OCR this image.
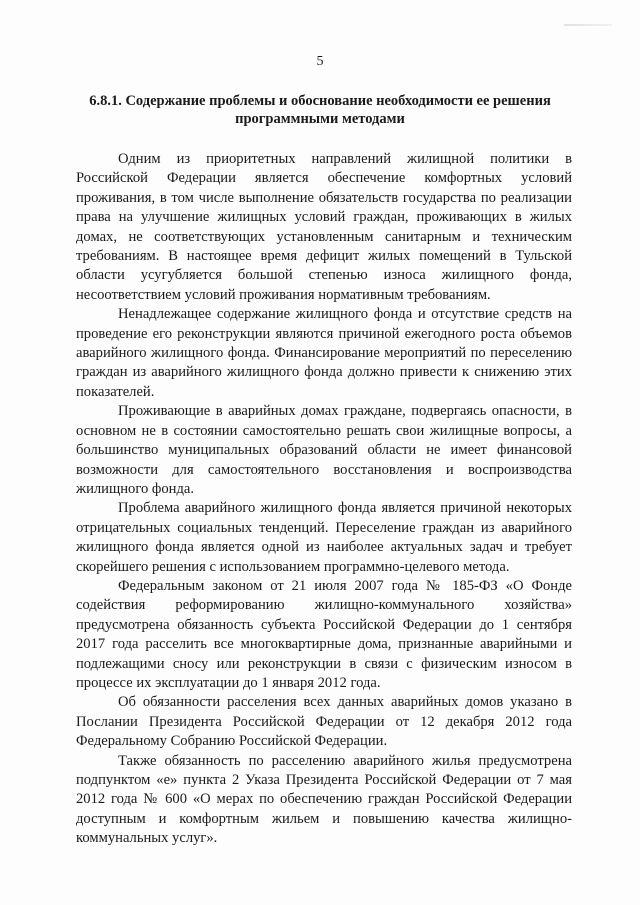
5
6.8.1. Содержание проблемы и обоснование необходимости ее решения программными методами

Одним из приоритетных направлений жилищной политики в Российской Федерации является обеспечение комфортных условий проживания, в том числе выполнение обязательств государства по реализации права на улучшение жилищных условий граждан, проживающих в жилых домах, не соответствующих установленным санитарным и техническим требованиям. В настоящее время дефицит жилых помещений в Тульской области усугубляется большой степенью износа жилищного фонда, несоответствием условий проживания нормативным требованиям.

Ненадлежащее содержание жилищного фонда и отсутствие средств на проведение его реконструкции являются причиной ежегодного роста объемов аварийного жилищного фонда. Финансирование мероприятий по переселению граждан из аварийного жилищного фонда должно привести к снижению этих показателей.

Проживающие в аварийных домах граждане, подвергаясь опасности, в основном не в состоянии самостоятельно решать свои жилищные вопросы, а большинство муниципальных образований области не имеет финансовой возможности для самостоятельного восстановления и воспроизводства жилищного фонда.

Проблема аварийного жилищного фонда является причиной некоторых отрицательных социальных тенденций. Переселение граждан из аварийного жилищного фонда является одной из наиболее актуальных задач и требует скорейшего решения с использованием программно-целевого метода.

Федеральным законом от 21 июля 2007 года № 185-ФЗ «О Фонде содействия реформированию жилищно-коммунального хозяйства» предусмотрена обязанность субъекта Российской Федерации до 1 сентября 2017 года расселить все многоквартирные дома, признанные аварийными и подлежащими сносу или реконструкции в связи с физическим износом в процессе их эксплуатации до 1 января 2012 года.

Об обязанности расселения всех данных аварийных домов указано в Послании Президента Российской Федерации от 12 декабря 2012 года Федеральному Собранию Российской Федерации.

Также обязанность по расселению аварийного жилья предусмотрена подпунктом «е» пункта 2 Указа Президента Российской Федерации от 7 мая 2012 года № 600 «О мерах по обеспечению граждан Российской Федерации доступным и комфортным жильем и повышению качества жилищно-коммунальных услуг».
